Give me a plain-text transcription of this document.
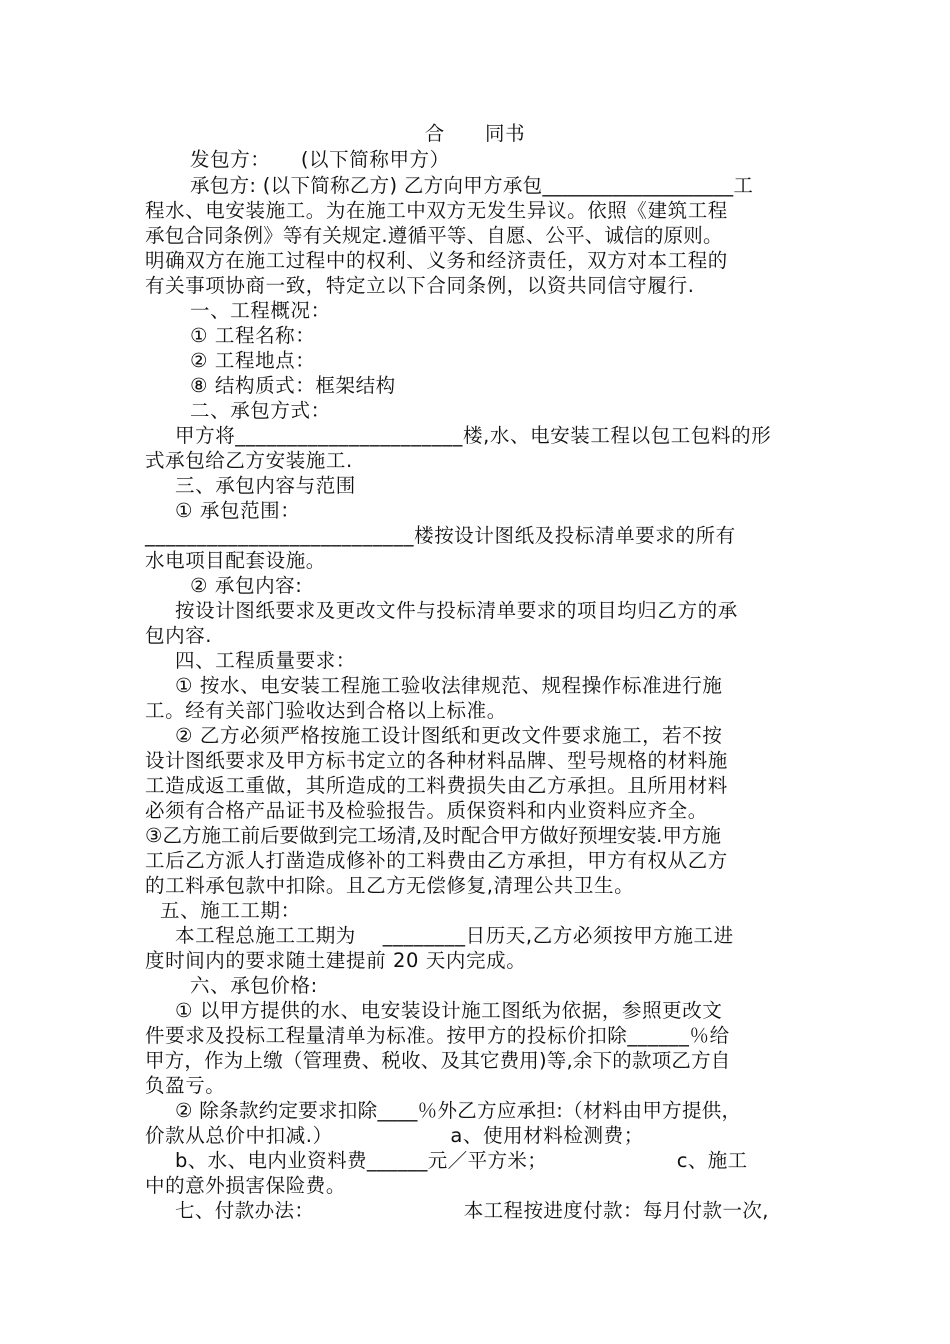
合　　同书
发包方：　　(以下简称甲方）
承包方: (以下简称乙方) 乙方向甲方承包___________________工
程水、电安装施工。为在施工中双方无发生异议。依照《建筑工程
承包合同条例》等有关规定.遵循平等、自愿、公平、诚信的原则。
明确双方在施工过程中的权利、义务和经济责任，双方对本工程的
有关事项协商一致，特定立以下合同条例，以资共同信守履行.
一、工程概况：
① 工程名称：
② 工程地点：
⑧ 结构质式：框架结构
二、承包方式：
甲方将______________________楼,水、电安装工程以包工包料的形
式承包给乙方安装施工.
三、承包内容与范围
① 承包范围：
__________________________楼按设计图纸及投标清单要求的所有
水电项目配套设施。
② 承包内容:
按设计图纸要求及更改文件与投标清单要求的项目均归乙方的承
包内容.
四、工程质量要求：
① 按水、电安装工程施工验收法律规范、规程操作标准进行施
工。经有关部门验收达到合格以上标准。
② 乙方必须严格按施工设计图纸和更改文件要求施工，若不按
设计图纸要求及甲方标书定立的各种材料品牌、型号规格的材料施
工造成返工重做，其所造成的工料费损失由乙方承担。且所用材料
必须有合格产品证书及检验报告。质保资料和内业资料应齐全。
③乙方施工前后要做到完工场清,及时配合甲方做好预埋安装.甲方施
工后乙方派人打凿造成修补的工料费由乙方承担，甲方有权从乙方
的工料承包款中扣除。且乙方无偿修复,清理公共卫生。
五、施工工期：
本工程总施工工期为　 ________日历天,乙方必须按甲方施工进
度时间内的要求随土建提前 20 天内完成。
六、承包价格:
① 以甲方提供的水、电安装设计施工图纸为依据，参照更改文
件要求及投标工程量清单为标准。按甲方的投标价扣除______％给
甲方，作为上缴（管理费、税收、及其它费用)等,余下的款项乙方自
负盈亏。
② 除条款约定要求扣除____％外乙方应承担:（材料由甲方提供，
价款从总价中扣减.）　　　　　　 a、使用材料检测费；
b、水、电内业资料费______元／平方米；　　　　　　　c、施工
中的意外损害保险费。
七、付款办法：　　　　　　　　本工程按进度付款：每月付款一次,
